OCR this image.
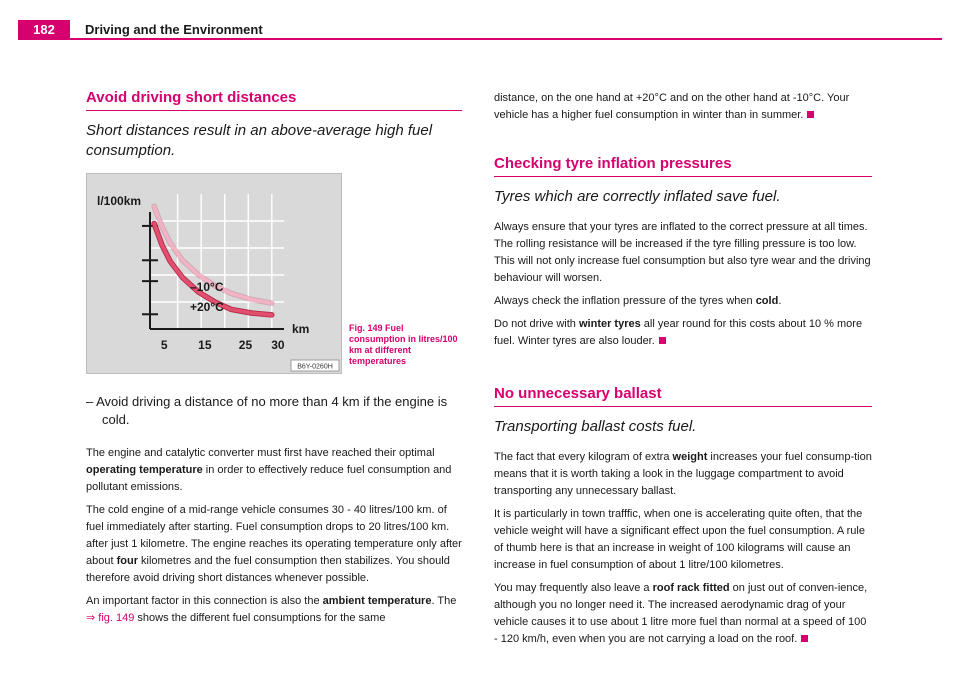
182	Driving and the Environment
Avoid driving short distances
Short distances result in an above-average high fuel consumption.
l/100km
km
5	15 25 30
–10°C
+20°C
B6Y-0260H
Fig. 149 Fuel consumption in litres/100 km at different temperatures
– Avoid driving a distance of no more than 4 km if the engine is cold.

The engine and catalytic converter must first have reached their optimal operating temperature in order to effectively reduce fuel consumption and pollutant emissions.

The cold engine of a mid-range vehicle consumes 30 - 40 litres/100 km. of fuel immediately after starting. Fuel consumption drops to 20 litres/100 km. after just 1 kilometre. The engine reaches its operating temperature only after about four kilometres and the fuel consumption then stabilizes. You should therefore avoid driving short distances whenever possible.

An important factor in this connection is also the ambient temperature. The ⇒ fig. 149 shows the different fuel consumptions for the same

distance, on the one hand at +20°C and on the other hand at -10°C. Your vehicle has a higher fuel consumption in winter than in summer.

Checking tyre inflation pressures
Tyres which are correctly inflated save fuel.

Always ensure that your tyres are inflated to the correct pressure at all times. The rolling resistance will be increased if the tyre filling pressure is too low. This will not only increase fuel consumption but also tyre wear and the driving behaviour will worsen.

Always check the inflation pressure of the tyres when cold.

Do not drive with winter tyres all year round for this costs about 10 % more fuel. Winter tyres are also louder.

No unnecessary ballast
Transporting ballast costs fuel.

The fact that every kilogram of extra weight increases your fuel consump-tion means that it is worth taking a look in the luggage compartment to avoid transporting any unnecessary ballast.

It is particularly in town trafffic, when one is accelerating quite often, that the vehicle weight will have a significant effect upon the fuel consumption. A rule of thumb here is that an increase in weight of 100 kilograms will cause an increase in fuel consumption of about 1 litre/100 kilometres.

You may frequently also leave a roof rack fitted on just out of conven-ience, although you no longer need it. The increased aerodynamic drag of your vehicle causes it to use about 1 litre more fuel than normal at a speed of 100 - 120 km/h, even when you are not carrying a load on the roof.
